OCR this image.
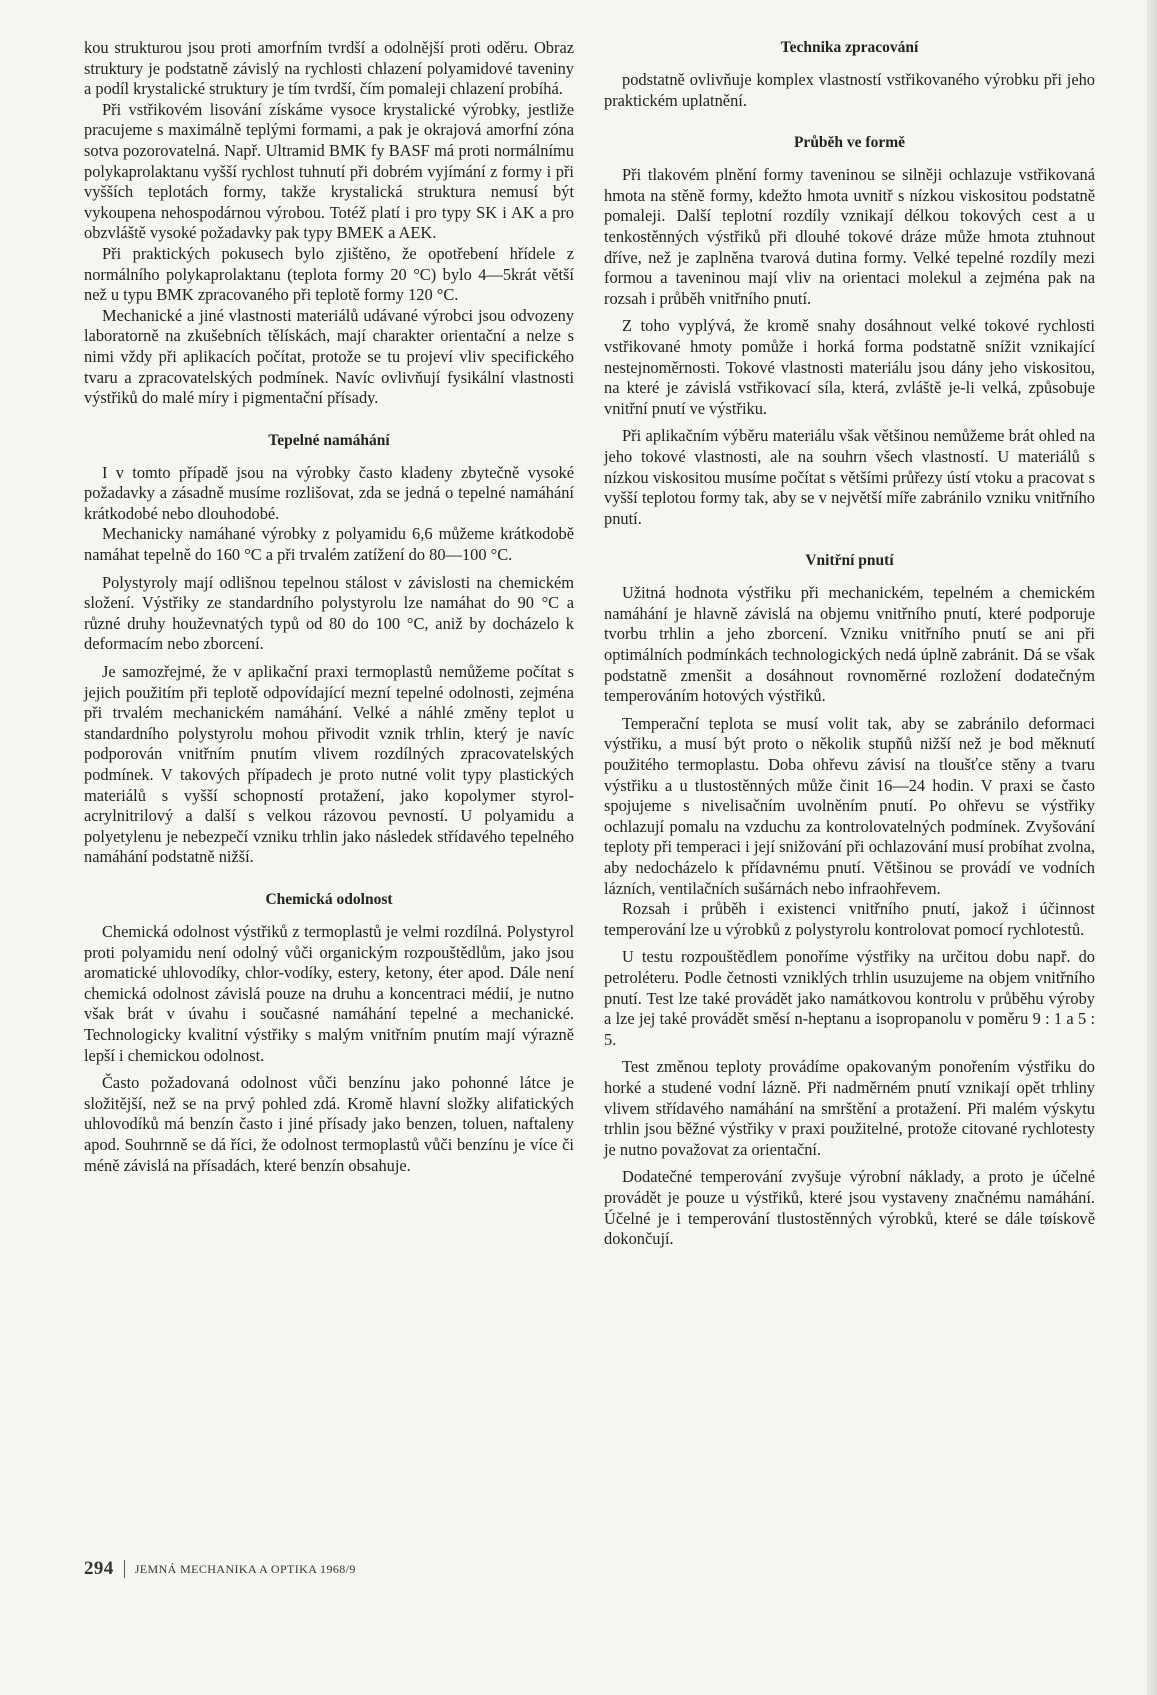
kou strukturou jsou proti amorfním tvrdší a odolnější proti oděru. Obraz struktury je podstatně závislý na rychlosti chlazení polyamidové taveniny a podíl krystalické struktury je tím tvrdší, čím pomaleji chlazení probíhá.

Při vstřikovém lisování získáme vysoce krystalické výrobky, jestliže pracujeme s maximálně teplými formami, a pak je okrajová amorfní zóna sotva pozorovatelná. Např. Ultramid BMK fy BASF má proti normálnímu polykaprolaktanu vyšší rychlost tuhnutí při dobrém vyjímání z formy i při vyšších teplotách formy, takže krystalická struktura nemusí být vykoupena nehospodárnou výrobou. Totéž platí i pro typy SK i AK a pro obzvláště vysoké požadavky pak typy BMEK a AEK.

Při praktických pokusech bylo zjištěno, že opotřebení hřídele z normálního polykaprolaktanu (teplota formy 20 °C) bylo 4—5krát větší než u typu BMK zpracovaného při teplotě formy 120 °C.

Mechanické a jiné vlastnosti materiálů udávané výrobci jsou odvozeny laboratorně na zkušebních tělískách, mají charakter orientační a nelze s nimi vždy při aplikacích počítat, protože se tu projeví vliv specifického tvaru a zpracovatelských podmínek. Navíc ovlivňují fysikální vlastnosti výstřiků do malé míry i pigmentační přísady.

Tepelné namáhání

I v tomto případě jsou na výrobky často kladeny zbytečně vysoké požadavky a zásadně musíme rozlišovat, zda se jedná o tepelné namáhání krátkodobé nebo dlouhodobé.

Mechanicky namáhané výrobky z polyamidu 6,6 můžeme krátkodobě namáhat tepelně do 160 °C a při trvalém zatížení do 80—100 °C.

Polystyroly mají odlišnou tepelnou stálost v závislosti na chemickém složení. Výstřiky ze standardního polystyrolu lze namáhat do 90 °C a různé druhy houževnatých typů od 80 do 100 °C, aniž by docházelo k deformacím nebo zborcení.

Je samozřejmé, že v aplikační praxi termoplastů nemůžeme počítat s jejich použitím při teplotě odpovídající mezní tepelné odolnosti, zejména při trvalém mechanickém namáhání. Velké a náhlé změny teplot u standardního polystyrolu mohou přivodit vznik trhlin, který je navíc podporován vnitřním pnutím vlivem rozdílných zpracovatelských podmínek. V takových případech je proto nutné volit typy plastických materiálů s vyšší schopností protažení, jako kopolymer styrol-acrylnitrilový a další s velkou rázovou pevností. U polyamidu a polyetylenu je nebezpečí vzniku trhlin jako následek střídavého tepelného namáhání podstatně nižší.

Chemická odolnost

Chemická odolnost výstřiků z termoplastů je velmi rozdílná. Polystyrol proti polyamidu není odolný vůči organickým rozpouštědlům, jako jsou aromatické uhlovodíky, chlor-vodíky, estery, ketony, éter apod. Dále není chemická odolnost závislá pouze na druhu a koncentraci médií, je nutno však brát v úvahu i současné namáhání tepelné a mechanické. Technologicky kvalitní výstřiky s malým vnitřním pnutím mají výrazně lepší i chemickou odolnost.

Často požadovaná odolnost vůči benzínu jako pohonné látce je složitější, než se na prvý pohled zdá. Kromě hlavní složky alifatických uhlovodíků má benzín často i jiné přísady jako benzen, toluen, naftaleny apod. Souhrnně se dá říci, že odolnost termoplastů vůči benzínu je více či méně závislá na přísadách, které benzín obsahuje.

Technika zpracování

podstatně ovlivňuje komplex vlastností vstřikovaného výrobku při jeho praktickém uplatnění.

Průběh ve formě

Při tlakovém plnění formy taveninou se silněji ochlazuje vstřikovaná hmota na stěně formy, kdežto hmota uvnitř s nízkou viskositou podstatně pomaleji. Další teplotní rozdíly vznikají délkou tokových cest a u tenkostěnných výstřiků při dlouhé tokové dráze může hmota ztuhnout dříve, než je zaplněna tvarová dutina formy. Velké tepelné rozdíly mezi formou a taveninou mají vliv na orientaci molekul a zejména pak na rozsah i průběh vnitřního pnutí.

Z toho vyplývá, že kromě snahy dosáhnout velké tokové rychlosti vstřikované hmoty pomůže i horká forma podstatně snížit vznikající nestejnoměrnosti. Tokové vlastnosti materiálu jsou dány jeho viskositou, na které je závislá vstřikovací síla, která, zvláště je-li velká, způsobuje vnitřní pnutí ve výstřiku.

Při aplikačním výběru materiálu však většinou nemůžeme brát ohled na jeho tokové vlastnosti, ale na souhrn všech vlastností. U materiálů s nízkou viskositou musíme počítat s většími průřezy ústí vtoku a pracovat s vyšší teplotou formy tak, aby se v největší míře zabránilo vzniku vnitřního pnutí.

Vnitřní pnutí

Užitná hodnota výstřiku při mechanickém, tepelném a chemickém namáhání je hlavně závislá na objemu vnitřního pnutí, které podporuje tvorbu trhlin a jeho zborcení. Vzniku vnitřního pnutí se ani při optimálních podmínkách technologických nedá úplně zabránit. Dá se však podstatně zmenšit a dosáhnout rovnoměrné rozložení dodatečným temperováním hotových výstřiků.

Temperační teplota se musí volit tak, aby se zabránilo deformaci výstřiku, a musí být proto o několik stupňů nižší než je bod měknutí použitého termoplastu. Doba ohřevu závisí na tloušťce stěny a tvaru výstřiku a u tlustostěnných může činit 16—24 hodin. V praxi se často spojujeme s nivelisačním uvolněním pnutí. Po ohřevu se výstřiky ochlazují pomalu na vzduchu za kontrolovatelných podmínek. Zvyšování teploty při temperaci i její snižování při ochlazování musí probíhat zvolna, aby nedocházelo k přídavnému pnutí. Většinou se provádí ve vodních lázních, ventilačních sušárnách nebo infraohřevem.

Rozsah i průběh i existenci vnitřního pnutí, jakož i účinnost temperování lze u výrobků z polystyrolu kontrolovat pomocí rychlotestů.

U testu rozpouštědlem ponoříme výstřiky na určitou dobu např. do petroléteru. Podle četnosti vzniklých trhlin usuzujeme na objem vnitřního pnutí. Test lze také provádět jako namátkovou kontrolu v průběhu výroby a lze jej také provádět směsí n-heptanu a isopropanolu v poměru 9 : 1 a 5 : 5.

Test změnou teploty provádíme opakovaným ponořením výstřiku do horké a studené vodní lázně. Při nadměrném pnutí vznikají opět trhliny vlivem střídavého namáhání na smrštění a protažení. Při malém výskytu trhlin jsou běžné výstřiky v praxi použitelné, protože citované rychlotesty je nutno považovat za orientační.

Dodatečné temperování zvyšuje výrobní náklady, a proto je účelné provádět je pouze u výstřiků, které jsou vystaveny značnému namáhání. Účelné je i temperování tlustostěnných výrobků, které se dále tøískově dokončují.

294 JEMNÁ MECHANIKA A OPTIKA 1968/9
